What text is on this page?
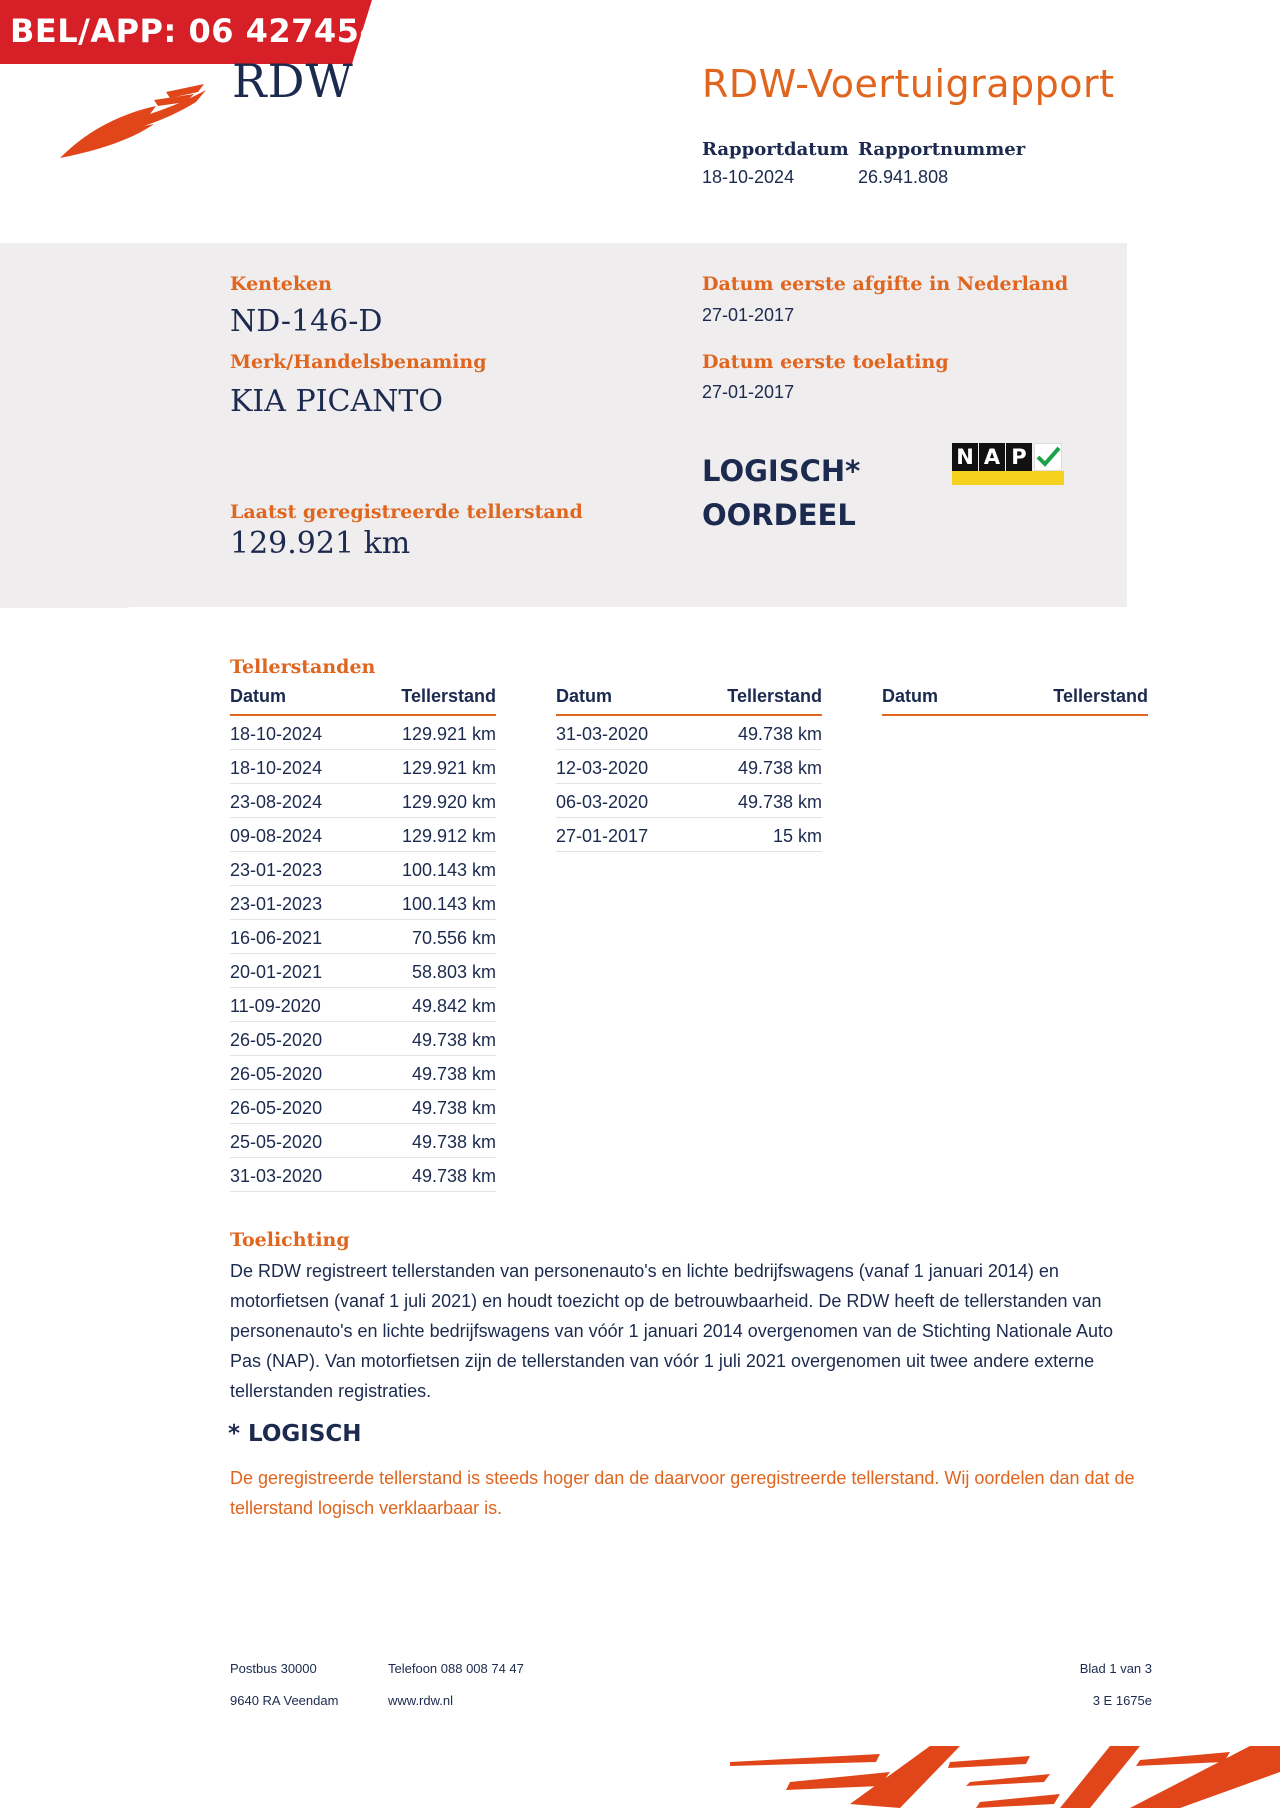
BEL/APP: 06 42745444
RDW	RDW-Voertuigrapport
Rapportdatum
18-10-2024
Rapportnummer
26.941.808
Kenteken
ND-146-D
Merk/Handelsbenaming
KIA PICANTO
Laatst geregistreerde tellerstand
129.921 km
Datum eerste afgifte in Nederland
27-01-2017
Datum eerste toelating
27-01-2017
LOGISCH*
OORDEEL
N A P
Tellerstanden
Datum	Tellerstand
18-10-2024	129.921 km
18-10-2024	129.921 km
23-08-2024	129.920 km
09-08-2024	129.912 km
23-01-2023	100.143 km
23-01-2023	100.143 km
16-06-2021	70.556 km
20-01-2021	58.803 km
11-09-2020	49.842 km
26-05-2020	49.738 km
26-05-2020	49.738 km
26-05-2020	49.738 km
25-05-2020	49.738 km
31-03-2020	49.738 km
Datum	Tellerstand
31-03-2020	49.738 km
12-03-2020	49.738 km
06-03-2020	49.738 km
27-01-2017	15 km
Datum	Tellerstand
Toelichting
De RDW registreert tellerstanden van personenauto's en lichte bedrijfswagens (vanaf 1 januari 2014) en motorfietsen (vanaf 1 juli 2021) en houdt toezicht op de betrouwbaarheid. De RDW heeft de tellerstanden van personenauto's en lichte bedrijfswagens van vóór 1 januari 2014 overgenomen van de Stichting Nationale Auto Pas (NAP). Van motorfietsen zijn de tellerstanden van vóór 1 juli 2021 overgenomen uit twee andere externe tellerstanden registraties.
* LOGISCH
De geregistreerde tellerstand is steeds hoger dan de daarvoor geregistreerde tellerstand. Wij oordelen dan dat de tellerstand logisch verklaarbaar is.
Postbus 30000
9640 RA Veendam
Telefoon 088 008 74 47
www.rdw.nl
Blad 1 van 3
3 E 1675e
